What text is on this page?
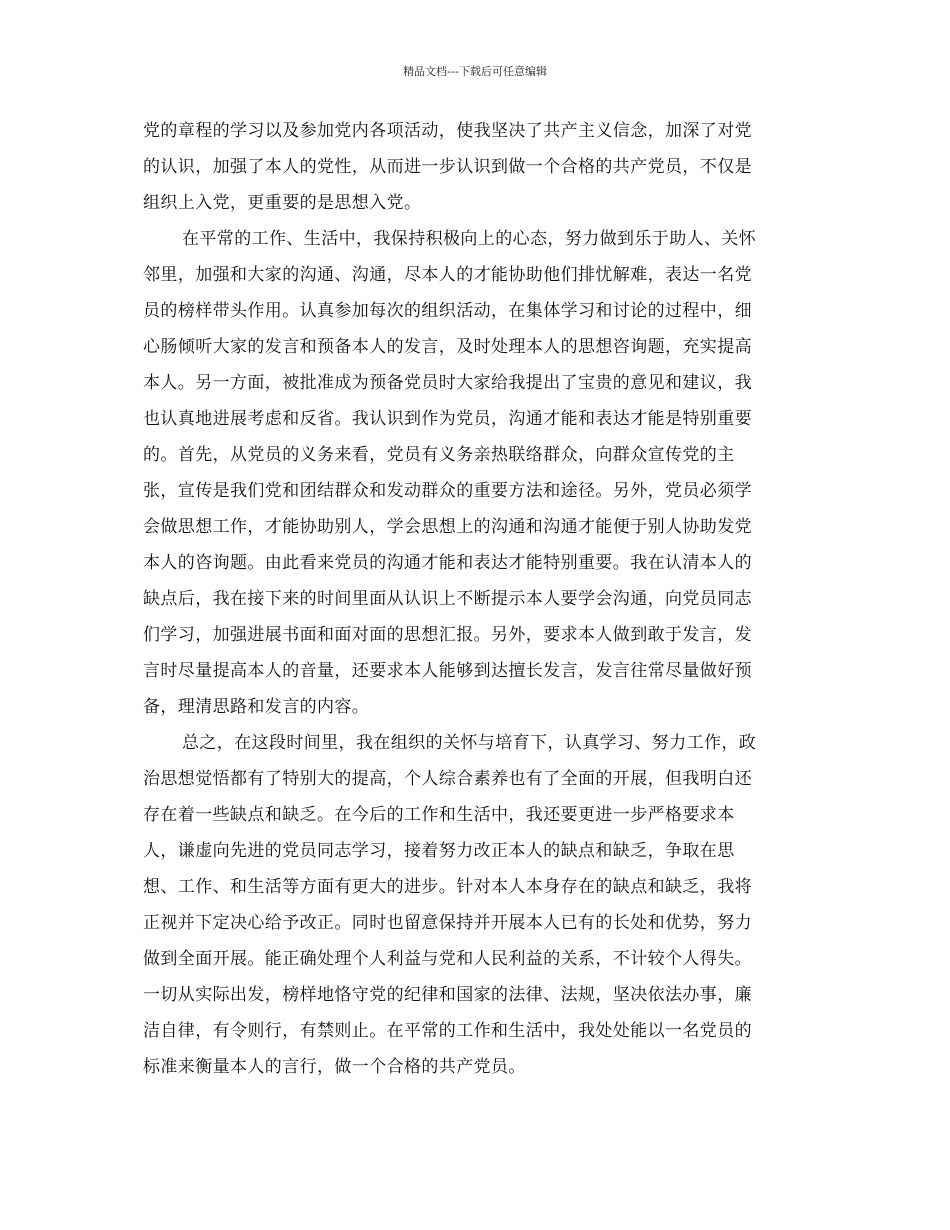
精品文档---下载后可任意编辑
党的章程的学习以及参加党内各项活动，使我坚决了共产主义信念，加深了对党
的认识，加强了本人的党性，从而进一步认识到做一个合格的共产党员，不仅是
组织上入党，更重要的是思想入党。
在平常的工作、生活中，我保持积极向上的心态，努力做到乐于助人、关怀
邻里，加强和大家的沟通、沟通，尽本人的才能协助他们排忧解难，表达一名党
员的榜样带头作用。认真参加每次的组织活动，在集体学习和讨论的过程中，细
心肠倾听大家的发言和预备本人的发言，及时处理本人的思想咨询题，充实提高
本人。另一方面，被批准成为预备党员时大家给我提出了宝贵的意见和建议，我
也认真地进展考虑和反省。我认识到作为党员，沟通才能和表达才能是特别重要
的。首先，从党员的义务来看，党员有义务亲热联络群众，向群众宣传党的主
张，宣传是我们党和团结群众和发动群众的重要方法和途径。另外，党员必须学
会做思想工作，才能协助别人，学会思想上的沟通和沟通才能便于别人协助发党
本人的咨询题。由此看来党员的沟通才能和表达才能特别重要。我在认清本人的
缺点后，我在接下来的时间里面从认识上不断提示本人要学会沟通，向党员同志
们学习，加强进展书面和面对面的思想汇报。另外，要求本人做到敢于发言，发
言时尽量提高本人的音量，还要求本人能够到达擅长发言，发言往常尽量做好预
备，理清思路和发言的内容。
总之，在这段时间里，我在组织的关怀与培育下，认真学习、努力工作，政
治思想觉悟都有了特别大的提高，个人综合素养也有了全面的开展，但我明白还
存在着一些缺点和缺乏。在今后的工作和生活中，我还要更进一步严格要求本
人，谦虚向先进的党员同志学习，接着努力改正本人的缺点和缺乏，争取在思
想、工作、和生活等方面有更大的进步。针对本人本身存在的缺点和缺乏，我将
正视并下定决心给予改正。同时也留意保持并开展本人已有的长处和优势，努力
做到全面开展。能正确处理个人利益与党和人民利益的关系，不计较个人得失。
一切从实际出发，榜样地恪守党的纪律和国家的法律、法规，坚决依法办事，廉
洁自律，有令则行，有禁则止。在平常的工作和生活中，我处处能以一名党员的
标准来衡量本人的言行，做一个合格的共产党员。
